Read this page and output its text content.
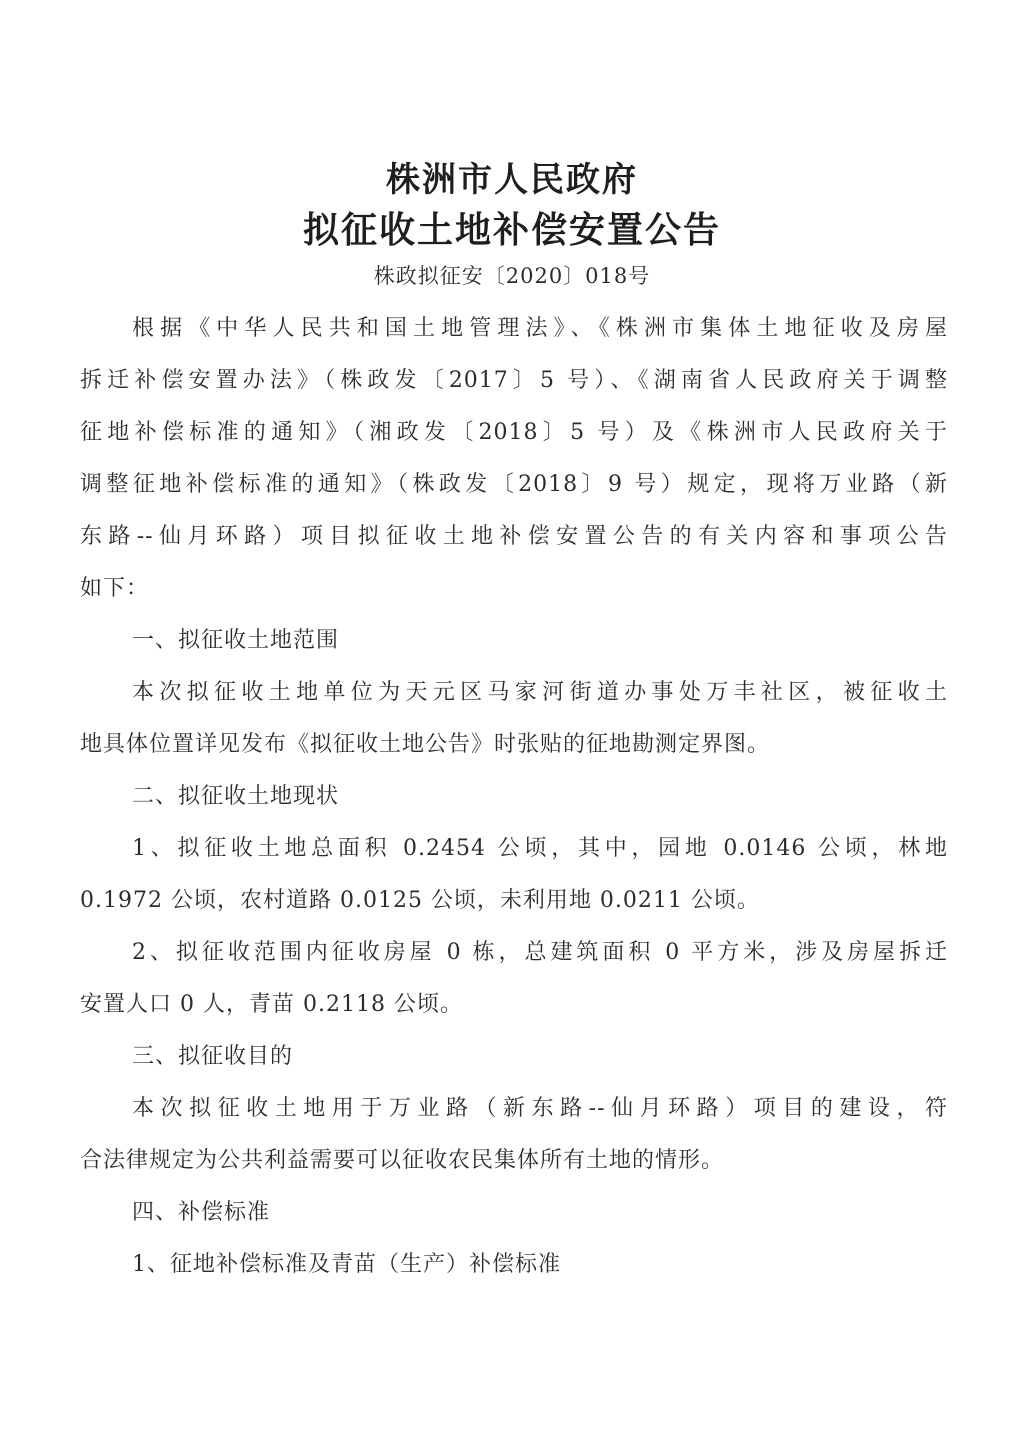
株洲市人民政府
拟征收土地补偿安置公告
株政拟征安〔2020〕018号
根据《中华人民共和国土地管理法》、《株洲市集体土地征收及房屋
拆迁补偿安置办法》（株政发〔2017〕5 号）、《湖南省人民政府关于调整
征地补偿标准的通知》（湘政发〔2018〕5 号）及《株洲市人民政府关于
调整征地补偿标准的通知》（株政发〔2018〕9 号）规定，现将万业路（新
东路--仙月环路）项目拟征收土地补偿安置公告的有关内容和事项公告
如下：
一、拟征收土地范围
本次拟征收土地单位为天元区马家河街道办事处万丰社区，被征收土
地具体位置详见发布《拟征收土地公告》时张贴的征地勘测定界图。
二、拟征收土地现状
1、拟征收土地总面积 0.2454 公顷，其中，园地 0.0146 公顷，林地
0.1972 公顷，农村道路 0.0125 公顷，未利用地 0.0211 公顷。
2、拟征收范围内征收房屋 0 栋，总建筑面积 0 平方米，涉及房屋拆迁
安置人口 0 人，青苗 0.2118 公顷。
三、拟征收目的
本次拟征收土地用于万业路（新东路--仙月环路）项目的建设，符
合法律规定为公共利益需要可以征收农民集体所有土地的情形。
四、补偿标准
1、征地补偿标准及青苗（生产）补偿标准
